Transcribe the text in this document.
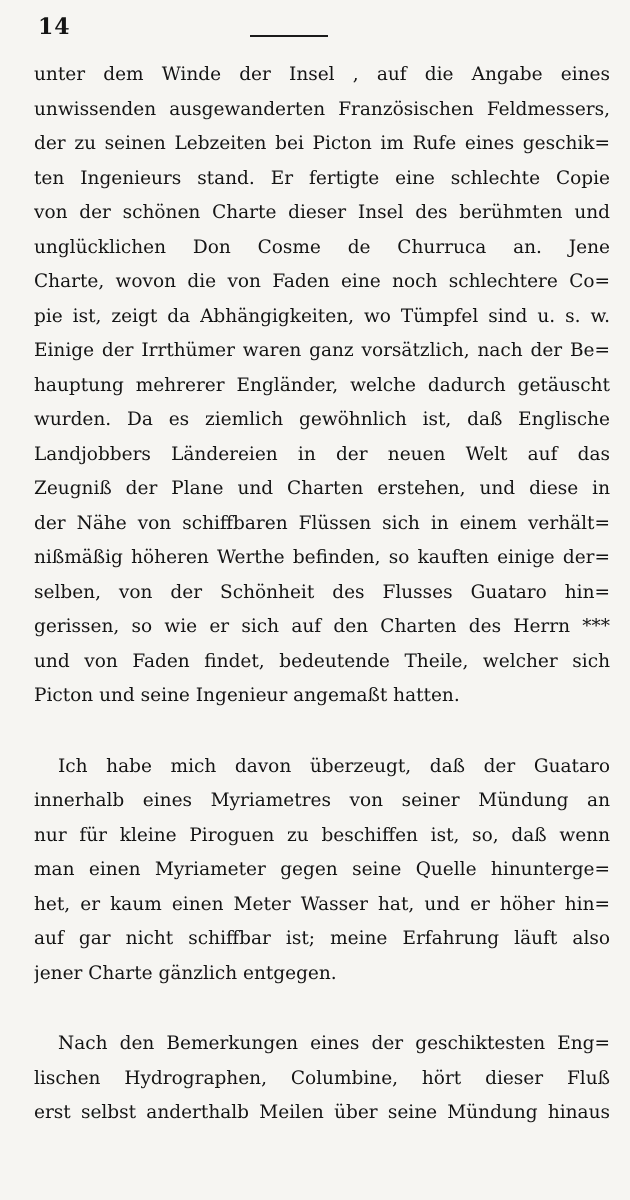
14
unter dem Winde der Insel , auf die Angabe eines
unwissenden ausgewanderten Französischen Feldmessers,
der zu seinen Lebzeiten bei Picton im Rufe eines geschik=
ten Ingenieurs stand. Er fertigte eine schlechte Copie
von der schönen Charte dieser Insel des berühmten und
unglücklichen Don Cosme de Churruca an. Jene
Charte, wovon die von Faden eine noch schlechtere Co=
pie ist, zeigt da Abhängigkeiten, wo Tümpfel sind u. s. w.
Einige der Irrthümer waren ganz vorsätzlich, nach der Be=
hauptung mehrerer Engländer, welche dadurch getäuscht
wurden. Da es ziemlich gewöhnlich ist, daß Englische
Landjobbers Ländereien in der neuen Welt auf das
Zeugniß der Plane und Charten erstehen, und diese in
der Nähe von schiffbaren Flüssen sich in einem verhält=
nißmäßig höheren Werthe befinden, so kauften einige der=
selben, von der Schönheit des Flusses Guataro hin=
gerissen, so wie er sich auf den Charten des Herrn ***
und von Faden findet, bedeutende Theile, welcher sich
Picton und seine Ingenieur angemaßt hatten.
Ich habe mich davon überzeugt, daß der Guataro
innerhalb eines Myriametres von seiner Mündung an
nur für kleine Piroguen zu beschiffen ist, so, daß wenn
man einen Myriameter gegen seine Quelle hinunterge=
het, er kaum einen Meter Wasser hat, und er höher hin=
auf gar nicht schiffbar ist; meine Erfahrung läuft also
jener Charte gänzlich entgegen.
Nach den Bemerkungen eines der geschiktesten Eng=
lischen Hydrographen, Columbine, hört dieser Fluß
erst selbst anderthalb Meilen über seine Mündung hinaus
